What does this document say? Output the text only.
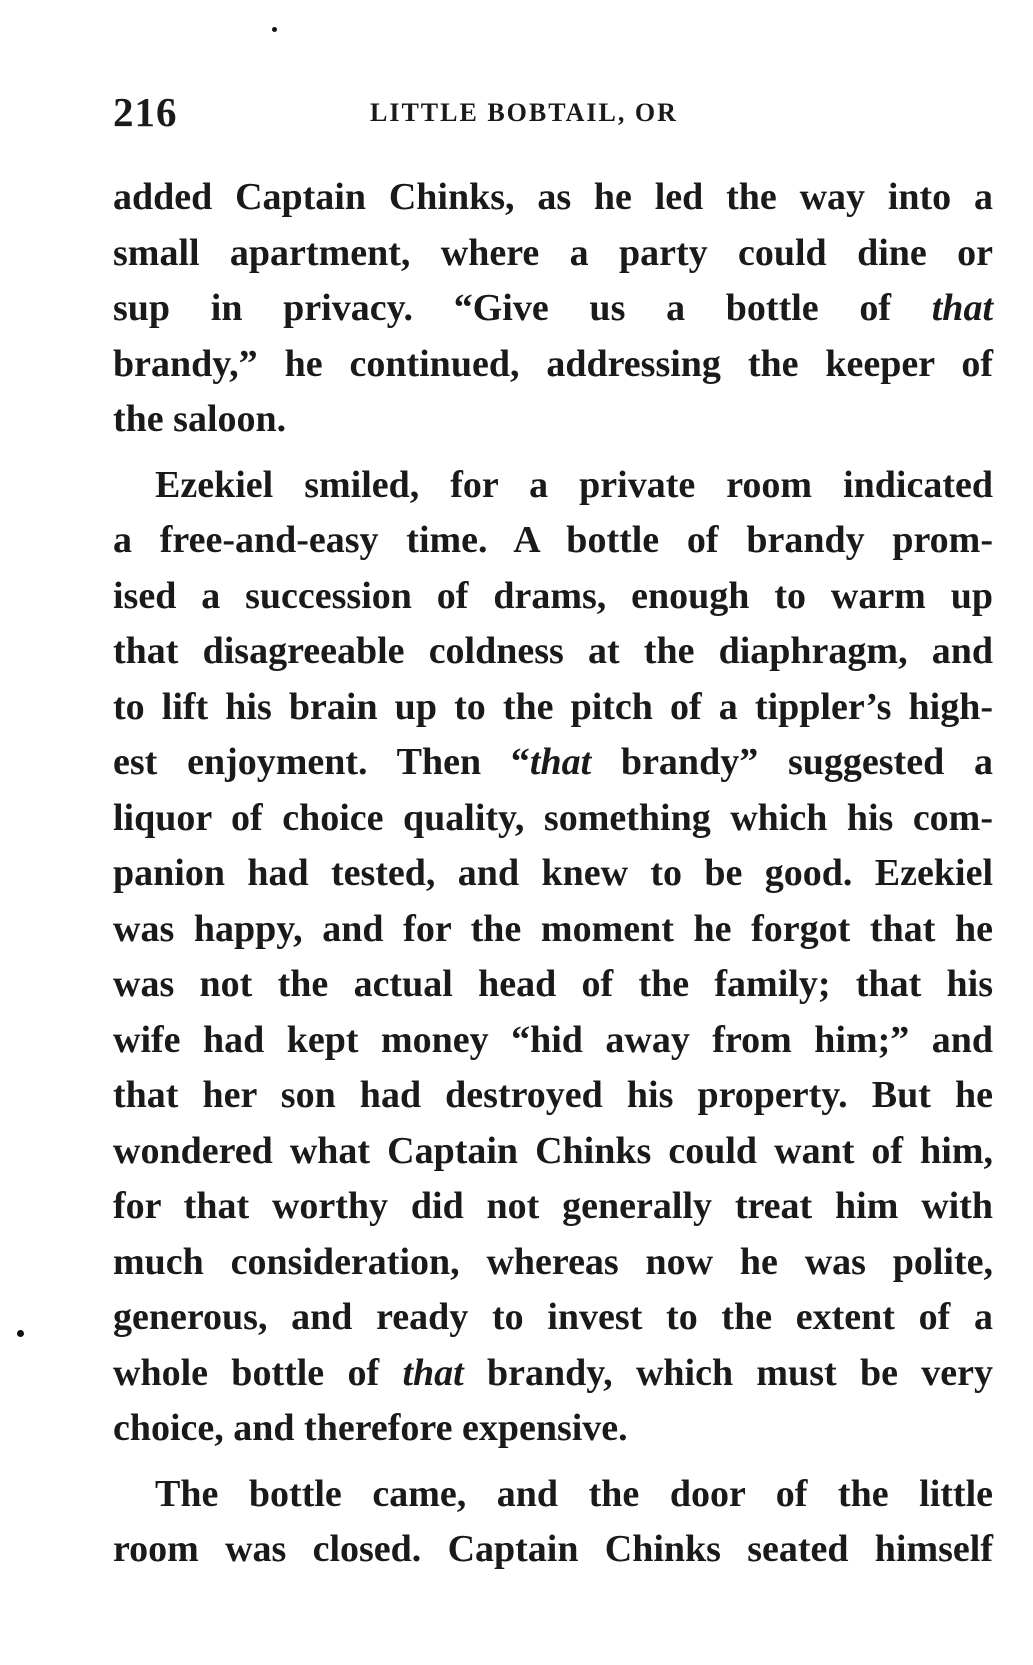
216	LITTLE BOBTAIL, OR
added Captain Chinks, as he led the way into a
small apartment, where a party could dine or
sup in privacy. “Give us a bottle of that
brandy,” he continued, addressing the keeper of
the saloon.
Ezekiel smiled, for a private room indicated
a free-and-easy time. A bottle of brandy prom-
ised a succession of drams, enough to warm up
that disagreeable coldness at the diaphragm, and
to lift his brain up to the pitch of a tippler’s high-
est enjoyment. Then “that brandy” suggested a
liquor of choice quality, something which his com-
panion had tested, and knew to be good. Ezekiel
was happy, and for the moment he forgot that he
was not the actual head of the family; that his
wife had kept money “hid away from him;” and
that her son had destroyed his property. But he
wondered what Captain Chinks could want of him,
for that worthy did not generally treat him with
much consideration, whereas now he was polite,
generous, and ready to invest to the extent of a
whole bottle of that brandy, which must be very
choice, and therefore expensive.
The bottle came, and the door of the little
room was closed. Captain Chinks seated himself
